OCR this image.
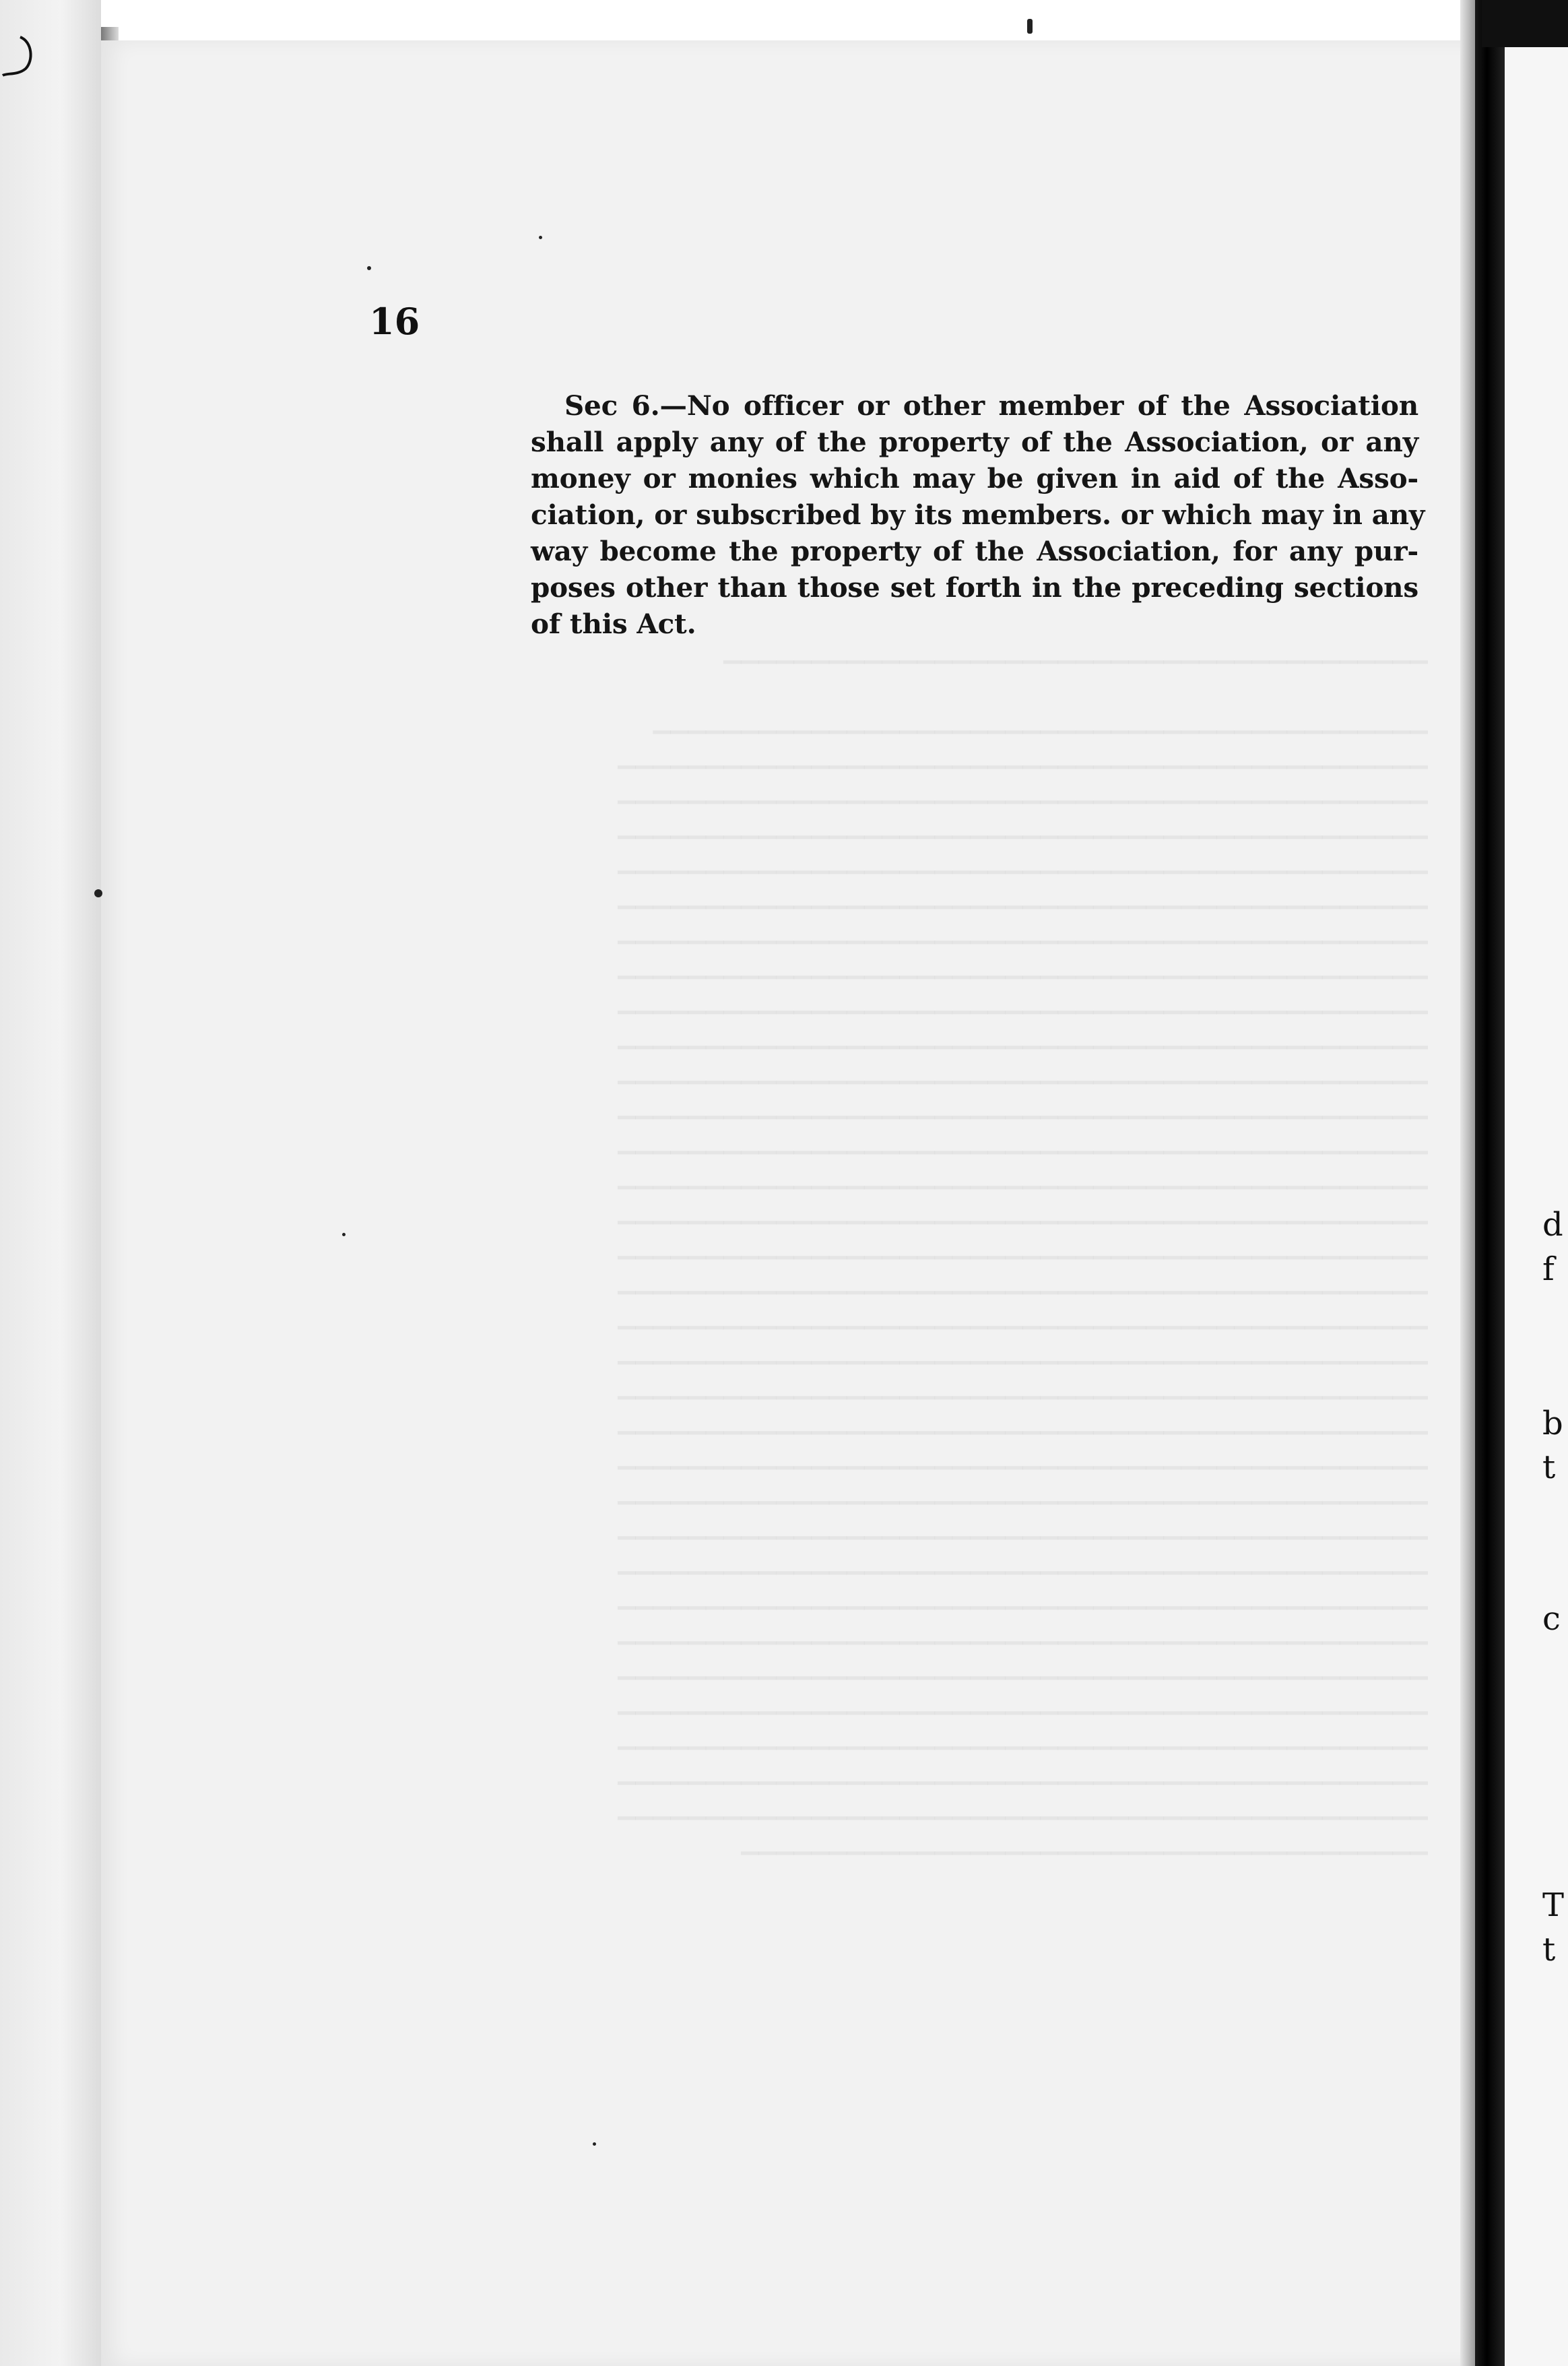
▁▁▁▁▁▁▁▁▁▁▁▁▁▁▁▁▁▁▁▁▁▁▁▁▁▁▁▁▁▁▁▁▁▁▁▁▁▁▁▁

▁▁▁▁▁▁▁▁▁▁▁▁▁▁▁▁▁▁▁▁▁▁▁▁▁▁▁▁▁▁▁▁▁▁▁▁▁▁▁▁▁▁▁▁
▁▁▁▁▁▁▁▁▁▁▁▁▁▁▁▁▁▁▁▁▁▁▁▁▁▁▁▁▁▁▁▁▁▁▁▁▁▁▁▁▁▁▁▁▁▁
▁▁▁▁▁▁▁▁▁▁▁▁▁▁▁▁▁▁▁▁▁▁▁▁▁▁▁▁▁▁▁▁▁▁▁▁▁▁▁▁▁▁▁▁▁▁
▁▁▁▁▁▁▁▁▁▁▁▁▁▁▁▁▁▁▁▁▁▁▁▁▁▁▁▁▁▁▁▁▁▁▁▁▁▁▁▁▁▁▁▁▁▁
▁▁▁▁▁▁▁▁▁▁▁▁▁▁▁▁▁▁▁▁▁▁▁▁▁▁▁▁▁▁▁▁▁▁▁▁▁▁▁▁▁▁▁▁▁▁
▁▁▁▁▁▁▁▁▁▁▁▁▁▁▁▁▁▁▁▁▁▁▁▁▁▁▁▁▁▁▁▁▁▁▁▁▁▁▁▁▁▁▁▁▁▁
▁▁▁▁▁▁▁▁▁▁▁▁▁▁▁▁▁▁▁▁▁▁▁▁▁▁▁▁▁▁▁▁▁▁▁▁▁▁▁▁▁▁▁▁▁▁
▁▁▁▁▁▁▁▁▁▁▁▁▁▁▁▁▁▁▁▁▁▁▁▁▁▁▁▁▁▁▁▁▁▁▁▁▁▁▁▁▁▁▁▁▁▁
▁▁▁▁▁▁▁▁▁▁▁▁▁▁▁▁▁▁▁▁▁▁▁▁▁▁▁▁▁▁▁▁▁▁▁▁▁▁▁▁▁▁▁▁▁▁
▁▁▁▁▁▁▁▁▁▁▁▁▁▁▁▁▁▁▁▁▁▁▁▁▁▁▁▁▁▁▁▁▁▁▁▁▁▁▁▁▁▁▁▁▁▁
▁▁▁▁▁▁▁▁▁▁▁▁▁▁▁▁▁▁▁▁▁▁▁▁▁▁▁▁▁▁▁▁▁▁▁▁▁▁▁▁▁▁▁▁▁▁
▁▁▁▁▁▁▁▁▁▁▁▁▁▁▁▁▁▁▁▁▁▁▁▁▁▁▁▁▁▁▁▁▁▁▁▁▁▁▁▁▁▁▁▁▁▁
▁▁▁▁▁▁▁▁▁▁▁▁▁▁▁▁▁▁▁▁▁▁▁▁▁▁▁▁▁▁▁▁▁▁▁▁▁▁▁▁▁▁▁▁▁▁
▁▁▁▁▁▁▁▁▁▁▁▁▁▁▁▁▁▁▁▁▁▁▁▁▁▁▁▁▁▁▁▁▁▁▁▁▁▁▁▁▁▁▁▁▁▁
▁▁▁▁▁▁▁▁▁▁▁▁▁▁▁▁▁▁▁▁▁▁▁▁▁▁▁▁▁▁▁▁▁▁▁▁▁▁▁▁▁▁▁▁▁▁
▁▁▁▁▁▁▁▁▁▁▁▁▁▁▁▁▁▁▁▁▁▁▁▁▁▁▁▁▁▁▁▁▁▁▁▁▁▁▁▁▁▁▁▁▁▁
▁▁▁▁▁▁▁▁▁▁▁▁▁▁▁▁▁▁▁▁▁▁▁▁▁▁▁▁▁▁▁▁▁▁▁▁▁▁▁▁▁▁▁▁▁▁
▁▁▁▁▁▁▁▁▁▁▁▁▁▁▁▁▁▁▁▁▁▁▁▁▁▁▁▁▁▁▁▁▁▁▁▁▁▁▁▁▁▁▁▁▁▁
▁▁▁▁▁▁▁▁▁▁▁▁▁▁▁▁▁▁▁▁▁▁▁▁▁▁▁▁▁▁▁▁▁▁▁▁▁▁▁▁▁▁▁▁▁▁
▁▁▁▁▁▁▁▁▁▁▁▁▁▁▁▁▁▁▁▁▁▁▁▁▁▁▁▁▁▁▁▁▁▁▁▁▁▁▁▁▁▁▁▁▁▁
▁▁▁▁▁▁▁▁▁▁▁▁▁▁▁▁▁▁▁▁▁▁▁▁▁▁▁▁▁▁▁▁▁▁▁▁▁▁▁▁▁▁▁▁▁▁
▁▁▁▁▁▁▁▁▁▁▁▁▁▁▁▁▁▁▁▁▁▁▁▁▁▁▁▁▁▁▁▁▁▁▁▁▁▁▁▁▁▁▁▁▁▁
▁▁▁▁▁▁▁▁▁▁▁▁▁▁▁▁▁▁▁▁▁▁▁▁▁▁▁▁▁▁▁▁▁▁▁▁▁▁▁▁▁▁▁▁▁▁
▁▁▁▁▁▁▁▁▁▁▁▁▁▁▁▁▁▁▁▁▁▁▁▁▁▁▁▁▁▁▁▁▁▁▁▁▁▁▁▁▁▁▁▁▁▁
▁▁▁▁▁▁▁▁▁▁▁▁▁▁▁▁▁▁▁▁▁▁▁▁▁▁▁▁▁▁▁▁▁▁▁▁▁▁▁▁▁▁▁▁▁▁
▁▁▁▁▁▁▁▁▁▁▁▁▁▁▁▁▁▁▁▁▁▁▁▁▁▁▁▁▁▁▁▁▁▁▁▁▁▁▁▁▁▁▁▁▁▁
▁▁▁▁▁▁▁▁▁▁▁▁▁▁▁▁▁▁▁▁▁▁▁▁▁▁▁▁▁▁▁▁▁▁▁▁▁▁▁▁▁▁▁▁▁▁
▁▁▁▁▁▁▁▁▁▁▁▁▁▁▁▁▁▁▁▁▁▁▁▁▁▁▁▁▁▁▁▁▁▁▁▁▁▁▁▁▁▁▁▁▁▁
▁▁▁▁▁▁▁▁▁▁▁▁▁▁▁▁▁▁▁▁▁▁▁▁▁▁▁▁▁▁▁▁▁▁▁▁▁▁▁▁▁▁▁▁▁▁
▁▁▁▁▁▁▁▁▁▁▁▁▁▁▁▁▁▁▁▁▁▁▁▁▁▁▁▁▁▁▁▁▁▁▁▁▁▁▁▁▁▁▁▁▁▁
▁▁▁▁▁▁▁▁▁▁▁▁▁▁▁▁▁▁▁▁▁▁▁▁▁▁▁▁▁▁▁▁▁▁▁▁▁▁▁▁▁▁▁▁▁▁
▁▁▁▁▁▁▁▁▁▁▁▁▁▁▁▁▁▁▁▁▁▁▁▁▁▁▁▁▁▁▁▁▁▁▁▁▁▁▁▁▁▁▁▁▁▁
▁▁▁▁▁▁▁▁▁▁▁▁▁▁▁▁▁▁▁▁▁▁▁▁▁▁▁▁▁▁▁▁▁▁▁▁▁▁▁
16
Sec 6.—No officer or other member of the Association
shall apply any of the property of the Association, or any
money or monies which may be given in aid of the Asso-
ciation, or subscribed by its members. or which may in any
way become the property of the Association, for any pur-
poses other than those set forth in the preceding sections
of this Act.
d
f
b
t
c
T
t
